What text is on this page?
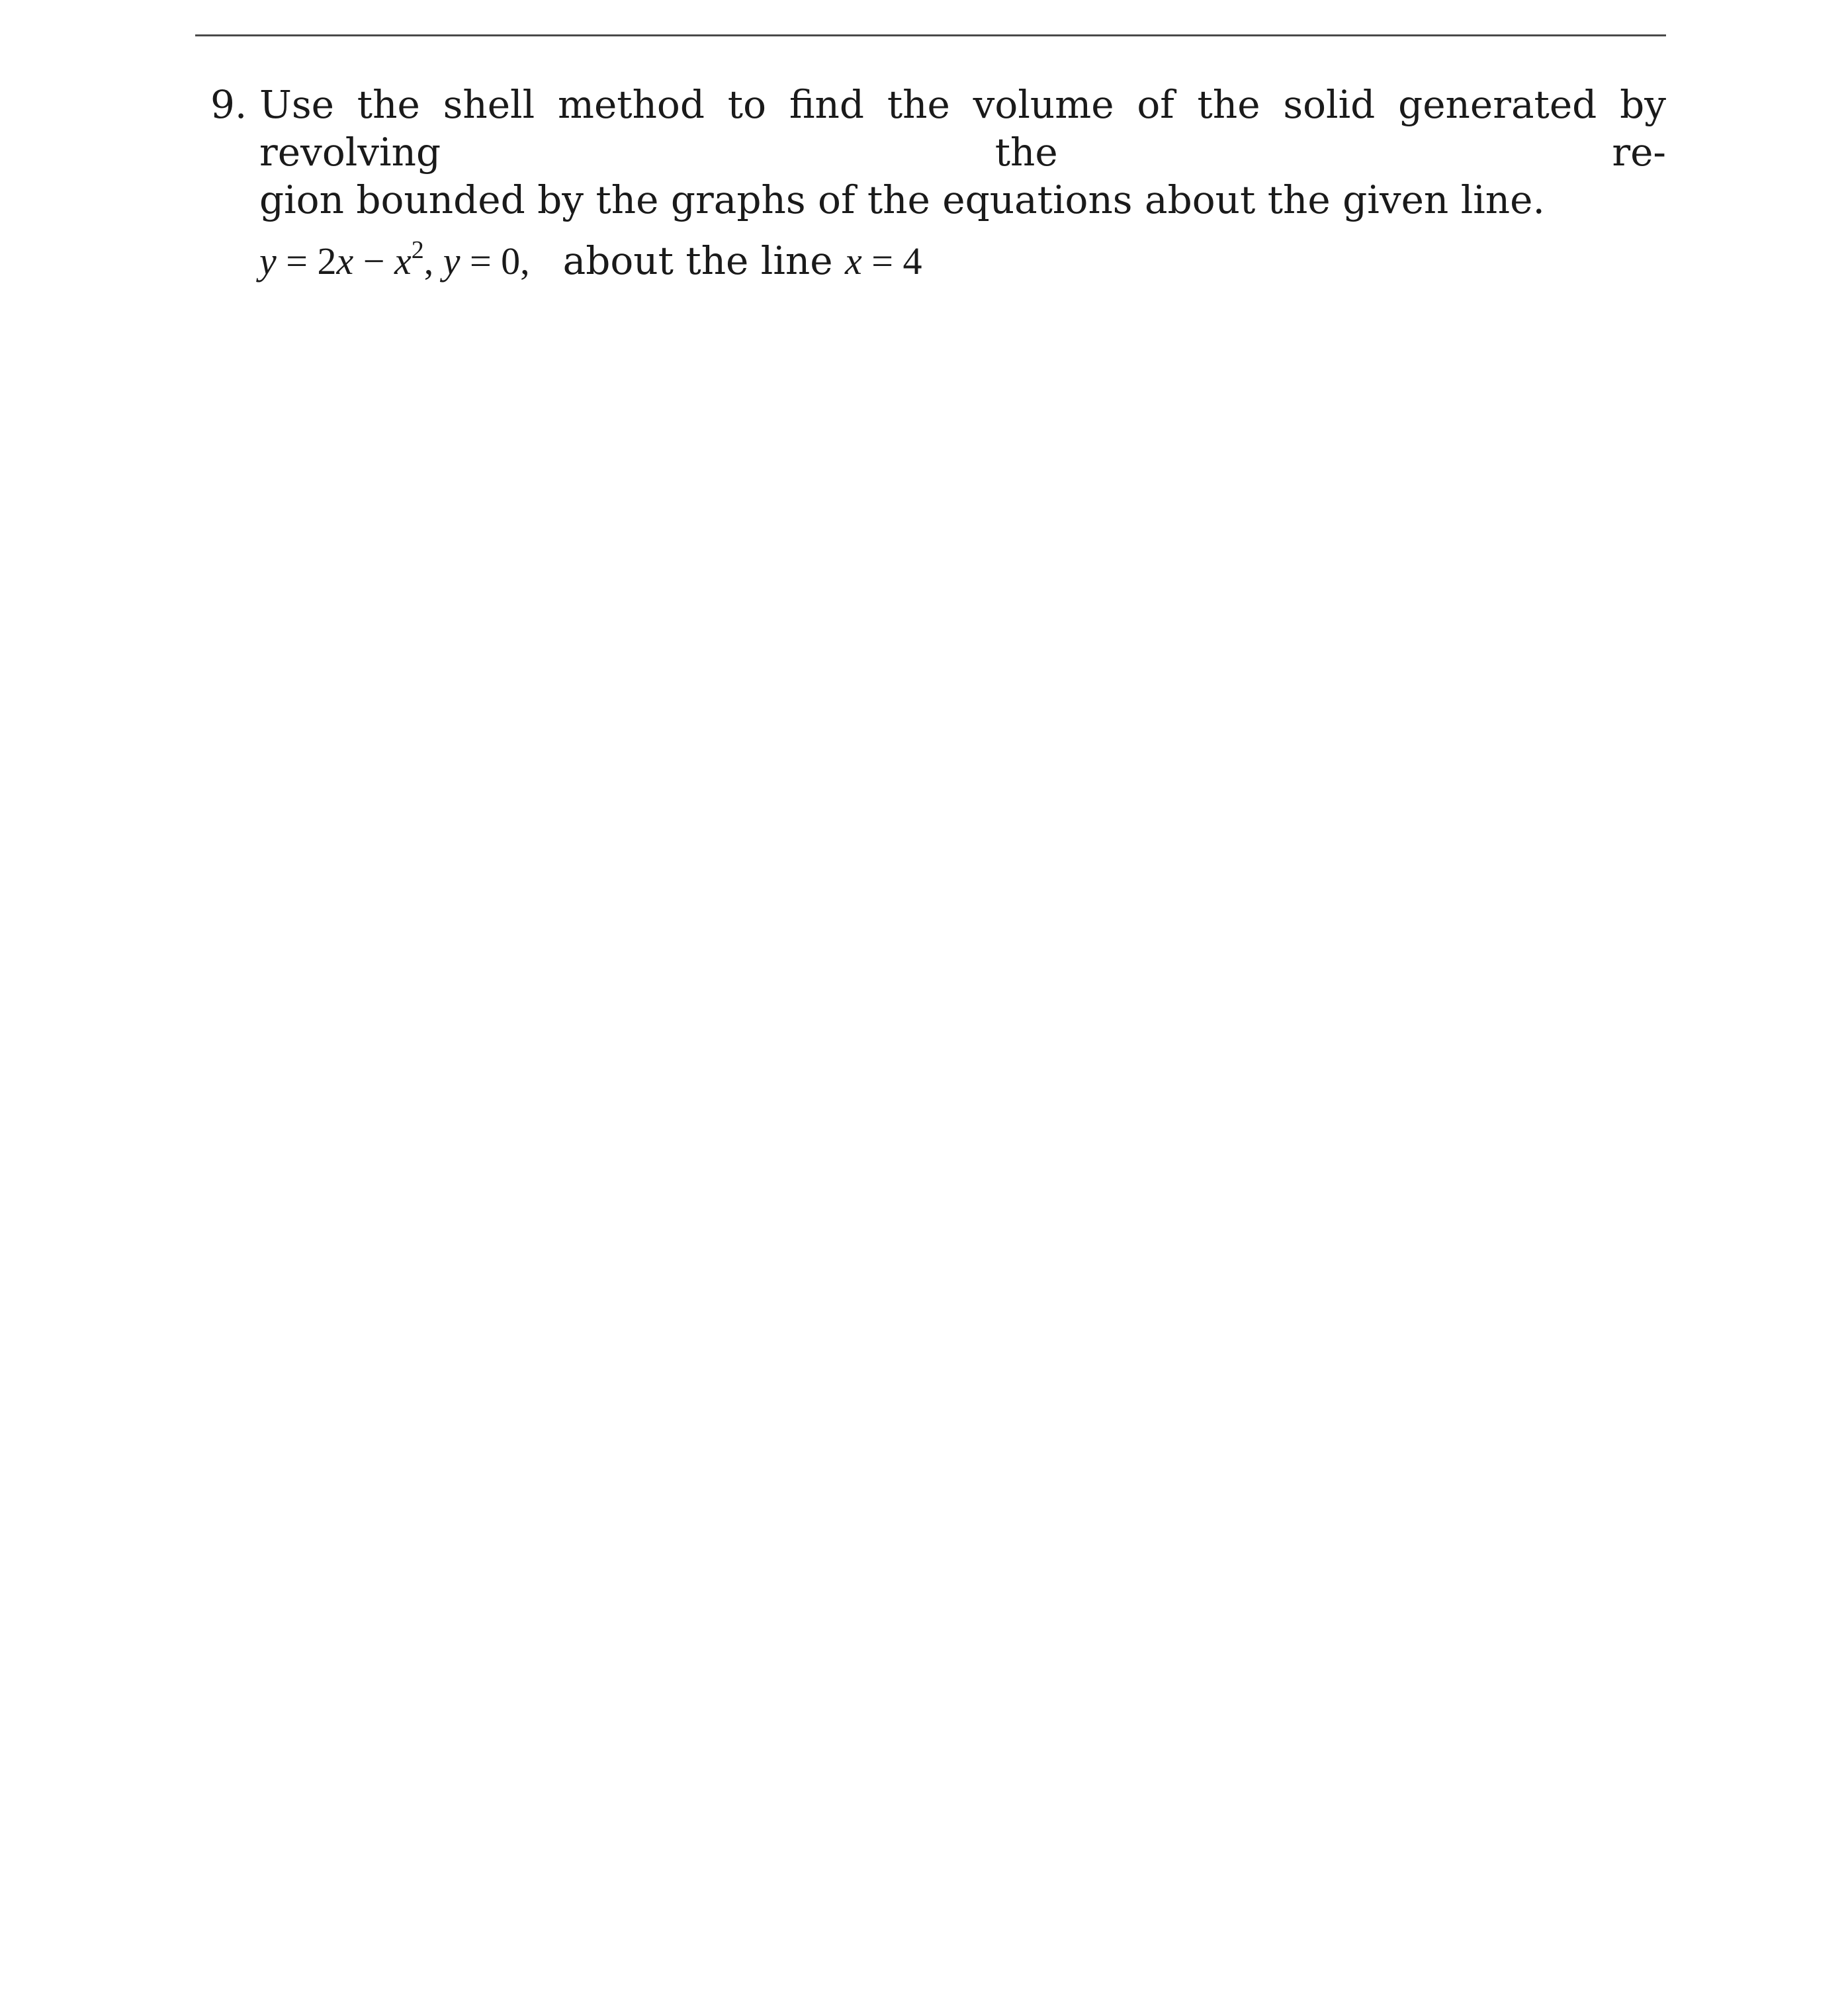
9. Use the shell method to find the volume of the solid generated by revolving the re-
gion bounded by the graphs of the equations about the given line.
$y = 2x - x^2$, y = 0, about the line x = 4
